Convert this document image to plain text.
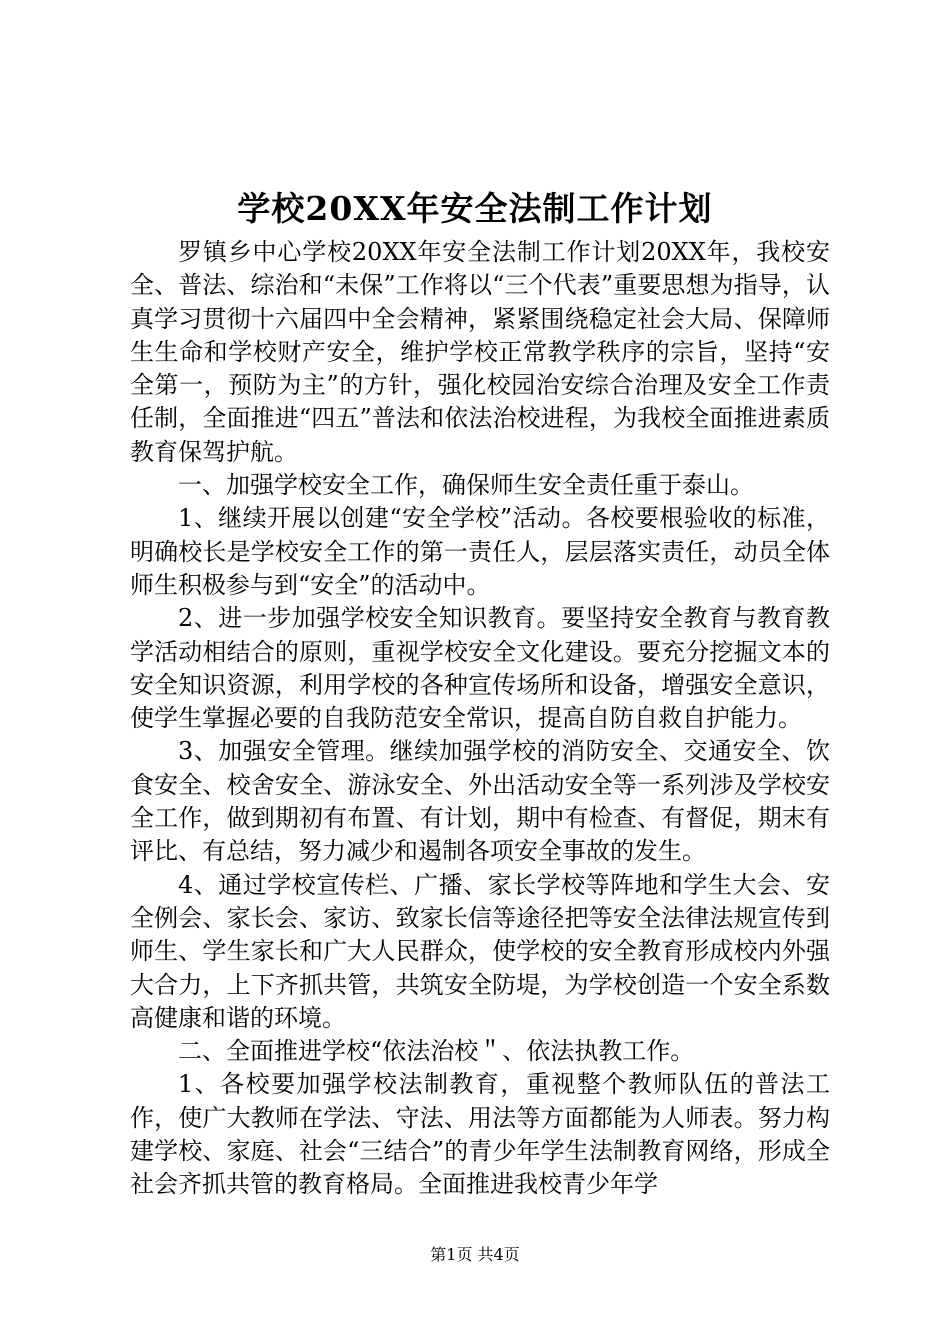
学校20XX年安全法制工作计划

罗镇乡中心学校20XX年安全法制工作计划20XX年，我校安全、普法、综治和“未保”工作将以“三个代表”重要思想为指导，认真学习贯彻十六届四中全会精神，紧紧围绕稳定社会大局、保障师生生命和学校财产安全，维护学校正常教学秩序的宗旨，坚持“安全第一，预防为主”的方针，强化校园治安综合治理及安全工作责任制，全面推进“四五”普法和依法治校进程，为我校全面推进素质教育保驾护航。

一、加强学校安全工作，确保师生安全责任重于泰山。

1、继续开展以创建“安全学校”活动。各校要根验收的标准，明确校长是学校安全工作的第一责任人，层层落实责任，动员全体师生积极参与到“安全”的活动中。

2、进一步加强学校安全知识教育。要坚持安全教育与教育教学活动相结合的原则，重视学校安全文化建设。要充分挖掘文本的安全知识资源，利用学校的各种宣传场所和设备，增强安全意识，使学生掌握必要的自我防范安全常识，提高自防自救自护能力。

3、加强安全管理。继续加强学校的消防安全、交通安全、饮食安全、校舍安全、游泳安全、外出活动安全等一系列涉及学校安全工作，做到期初有布置、有计划，期中有检查、有督促，期末有评比、有总结，努力减少和遏制各项安全事故的发生。

4、通过学校宣传栏、广播、家长学校等阵地和学生大会、安全例会、家长会、家访、致家长信等途径把等安全法律法规宣传到师生、学生家长和广大人民群众，使学校的安全教育形成校内外强大合力，上下齐抓共管，共筑安全防堤，为学校创造一个安全系数高健康和谐的环境。

二、全面推进学校“依法治校＂、依法执教工作。

1、各校要加强学校法制教育，重视整个教师队伍的普法工作，使广大教师在学法、守法、用法等方面都能为人师表。努力构建学校、家庭、社会“三结合”的青少年学生法制教育网络，形成全社会齐抓共管的教育格局。全面推进我校青少年学

第1页 共4页
